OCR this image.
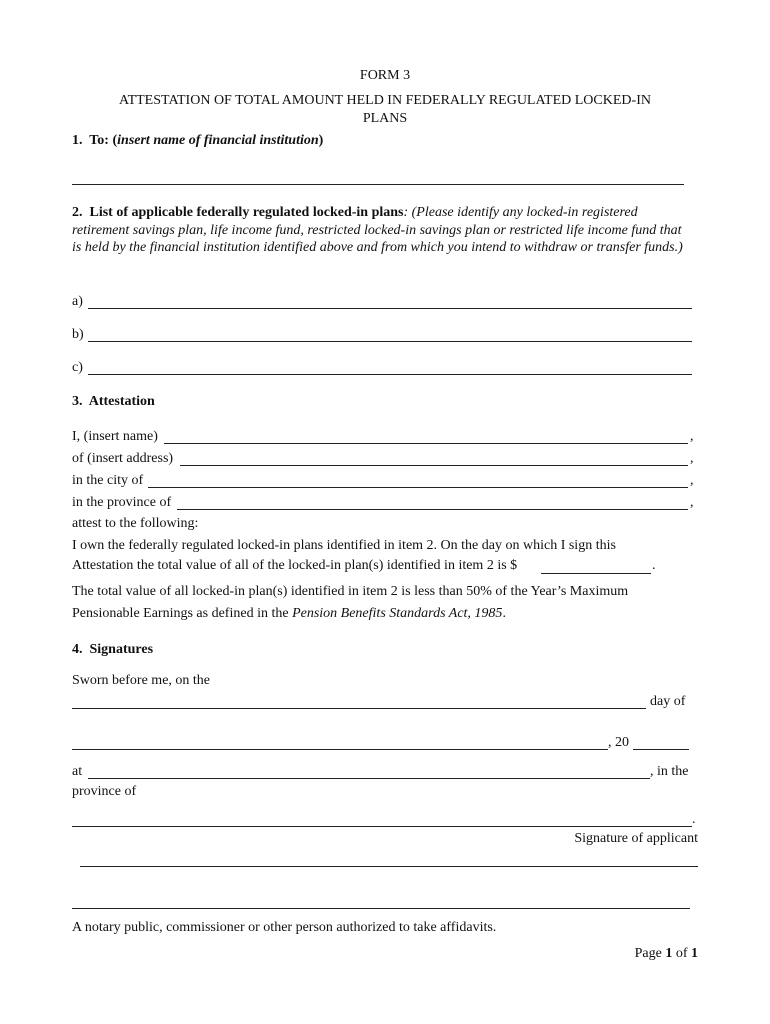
FORM 3
ATTESTATION OF TOTAL AMOUNT HELD IN FEDERALLY REGULATED LOCKED-IN
PLANS
1. To: (insert name of financial institution)
2. List of applicable federally regulated locked-in plans: (Please identify any locked-in registered retirement savings plan, life income fund, restricted locked-in savings plan or restricted life income fund that is held by the financial institution identified above and from which you intend to withdraw or transfer funds.)
a)
b)
c)
3. Attestation
I, (insert name)	,
of (insert address)	,
in the city of	,
in the province of	,
attest to the following:
I own the federally regulated locked-in plans identified in item 2. On the day on which I sign this
Attestation the total value of all of the locked-in plan(s) identified in item 2 is $	.
The total value of all locked-in plan(s) identified in item 2 is less than 50% of the Year’s Maximum
Pensionable Earnings as defined in the Pension Benefits Standards Act, 1985.
4. Signatures
Sworn before me, on the
day of
, 20
at	, in the
province of
.
Signature of applicant
A notary public, commissioner or other person authorized to take affidavits.
Page 1 of 1
